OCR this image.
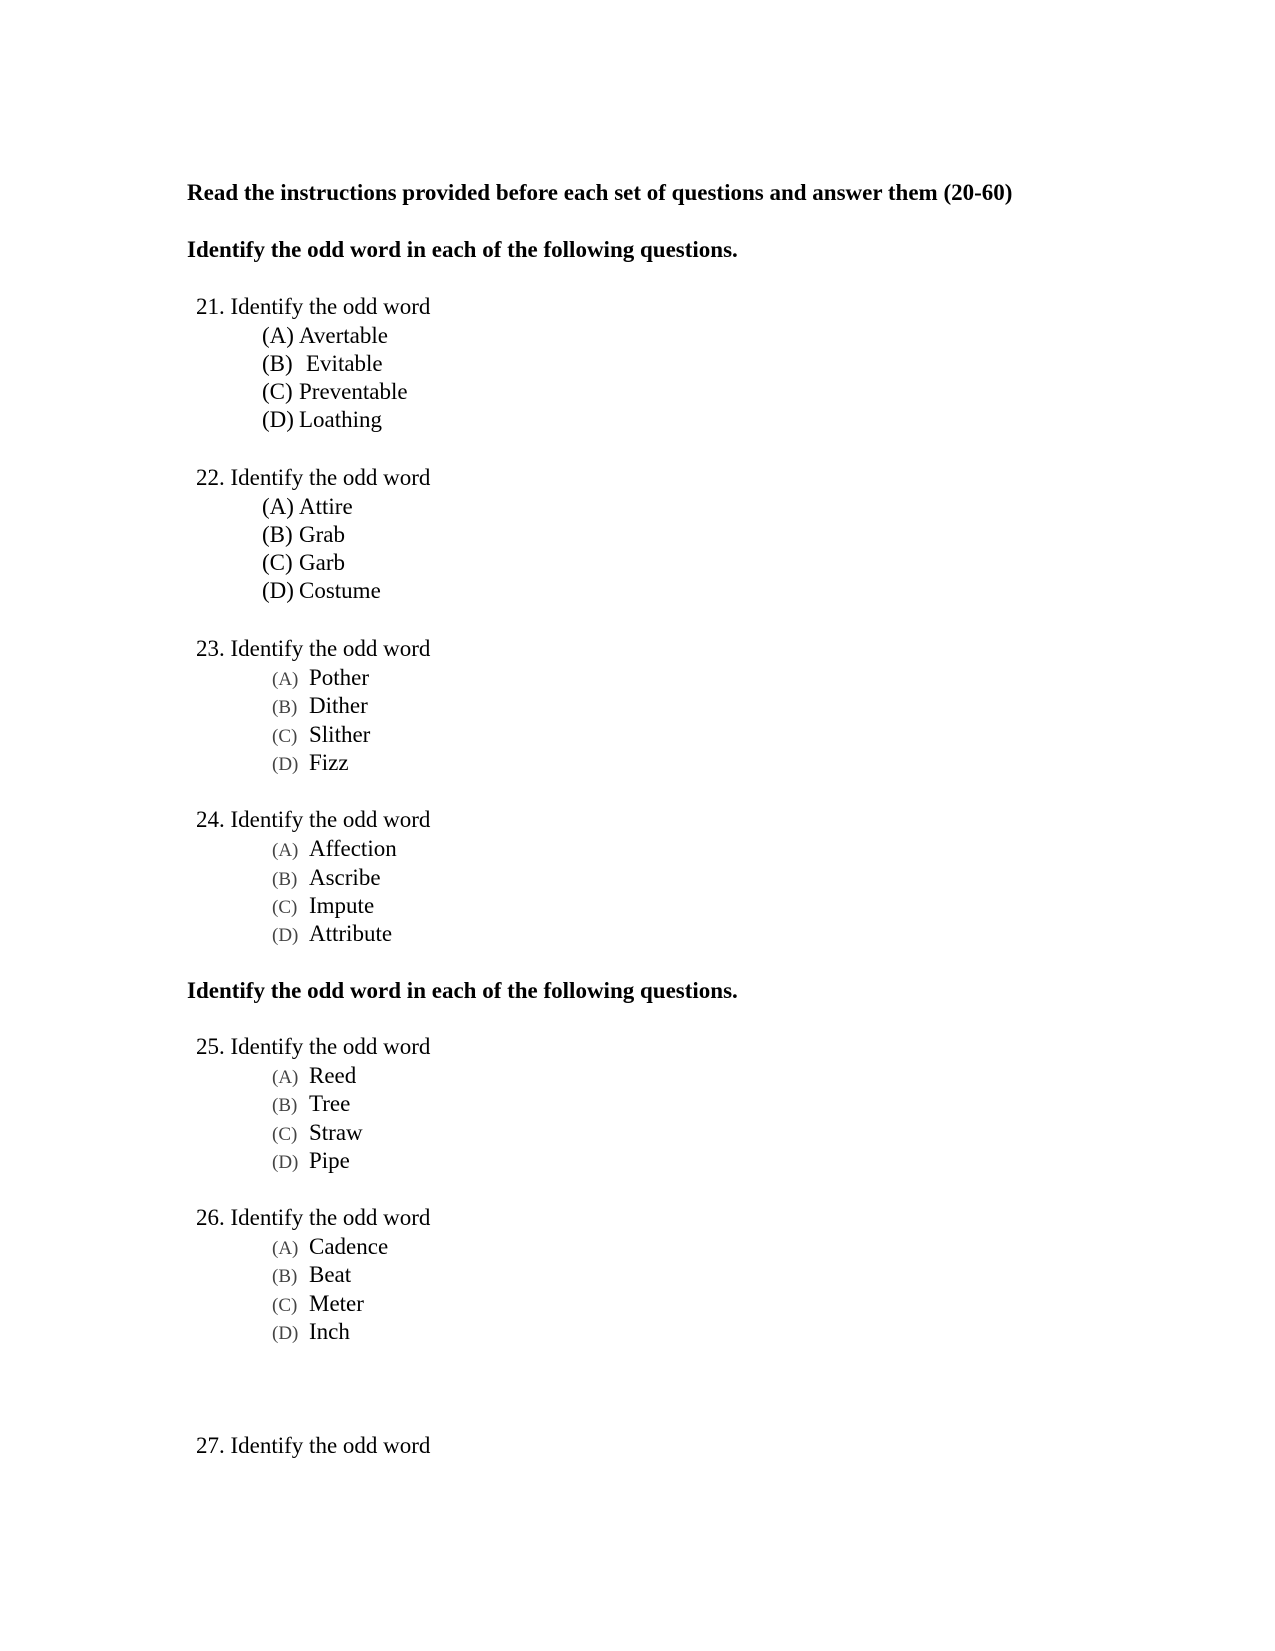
Read the instructions provided before each set of questions and answer them (20-60)
Identify the odd word in each of the following questions.
21. Identify the odd word
(A) Avertable
(B) Evitable
(C) Preventable
(D) Loathing
22. Identify the odd word
(A) Attire
(B) Grab
(C) Garb
(D) Costume
23. Identify the odd word
(A) Pother
(B) Dither
(C) Slither
(D) Fizz
24. Identify the odd word
(A) Affection
(B) Ascribe
(C) Impute
(D) Attribute
Identify the odd word in each of the following questions.
25. Identify the odd word
(A) Reed
(B) Tree
(C) Straw
(D) Pipe
26. Identify the odd word
(A) Cadence
(B) Beat
(C) Meter
(D) Inch
27. Identify the odd word
